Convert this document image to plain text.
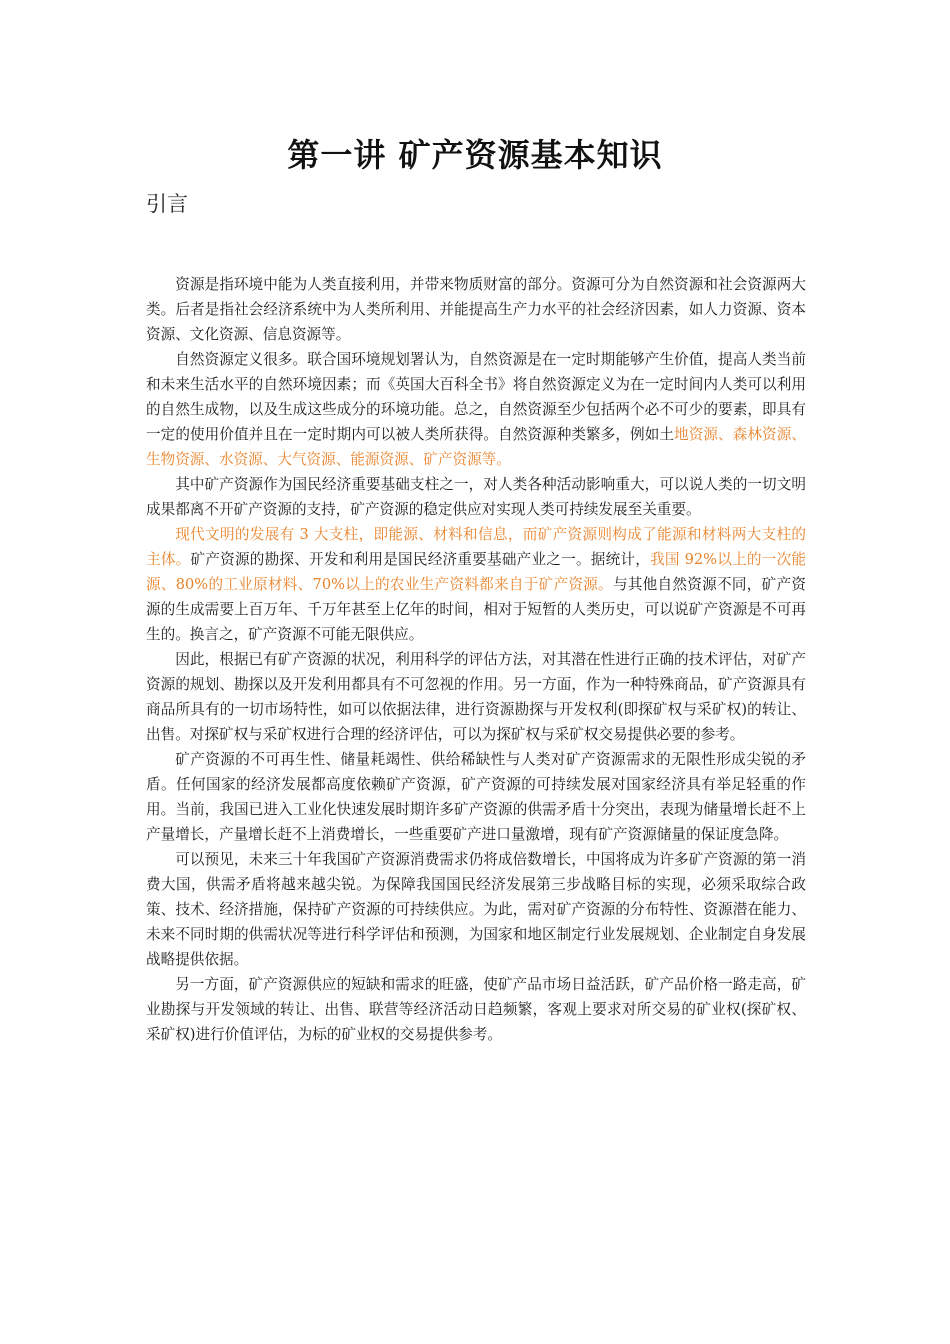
第一讲 矿产资源基本知识
引言

资源是指环境中能为人类直接利用，并带来物质财富的部分。资源可分为自然资源和社会资源两大类。后者是指社会经济系统中为人类所利用、并能提高生产力水平的社会经济因素，如人力资源、资本资源、文化资源、信息资源等。

自然资源定义很多。联合国环境规划署认为，自然资源是在一定时期能够产生价值，提高人类当前和未来生活水平的自然环境因素；而《英国大百科全书》将自然资源定义为在一定时间内人类可以利用的自然生成物，以及生成这些成分的环境功能。总之，自然资源至少包括两个必不可少的要素，即具有一定的使用价值并且在一定时期内可以被人类所获得。自然资源种类繁多，例如土地资源、森林资源、生物资源、水资源、大气资源、能源资源、矿产资源等。

其中矿产资源作为国民经济重要基础支柱之一，对人类各种活动影响重大，可以说人类的一切文明成果都离不开矿产资源的支持，矿产资源的稳定供应对实现人类可持续发展至关重要。

现代文明的发展有 3 大支柱，即能源、材料和信息，而矿产资源则构成了能源和材料两大支柱的主体。矿产资源的勘探、开发和利用是国民经济重要基础产业之一。据统计，我国 92%以上的一次能源、80%的工业原材料、70%以上的农业生产资料都来自于矿产资源。与其他自然资源不同，矿产资源的生成需要上百万年、千万年甚至上亿年的时间，相对于短暂的人类历史，可以说矿产资源是不可再生的。换言之，矿产资源不可能无限供应。

因此，根据已有矿产资源的状况，利用科学的评估方法，对其潜在性进行正确的技术评估，对矿产资源的规划、勘探以及开发利用都具有不可忽视的作用。另一方面，作为一种特殊商品，矿产资源具有商品所具有的一切市场特性，如可以依据法律，进行资源勘探与开发权利(即探矿权与采矿权)的转让、出售。对探矿权与采矿权进行合理的经济评估，可以为探矿权与采矿权交易提供必要的参考。

矿产资源的不可再生性、储量耗竭性、供给稀缺性与人类对矿产资源需求的无限性形成尖锐的矛盾。任何国家的经济发展都高度依赖矿产资源，矿产资源的可持续发展对国家经济具有举足轻重的作用。当前，我国已进入工业化快速发展时期许多矿产资源的供需矛盾十分突出，表现为储量增长赶不上产量增长，产量增长赶不上消费增长，一些重要矿产进口量激增，现有矿产资源储量的保证度急降。

可以预见，未来三十年我国矿产资源消费需求仍将成倍数增长，中国将成为许多矿产资源的第一消费大国，供需矛盾将越来越尖锐。为保障我国国民经济发展第三步战略目标的实现，必须采取综合政策、技术、经济措施，保持矿产资源的可持续供应。为此，需对矿产资源的分布特性、资源潜在能力、未来不同时期的供需状况等进行科学评估和预测，为国家和地区制定行业发展规划、企业制定自身发展战略提供依据。

另一方面，矿产资源供应的短缺和需求的旺盛，使矿产品市场日益活跃，矿产品价格一路走高，矿业勘探与开发领域的转让、出售、联营等经济活动日趋频繁，客观上要求对所交易的矿业权(探矿权、采矿权)进行价值评估，为标的矿业权的交易提供参考。
